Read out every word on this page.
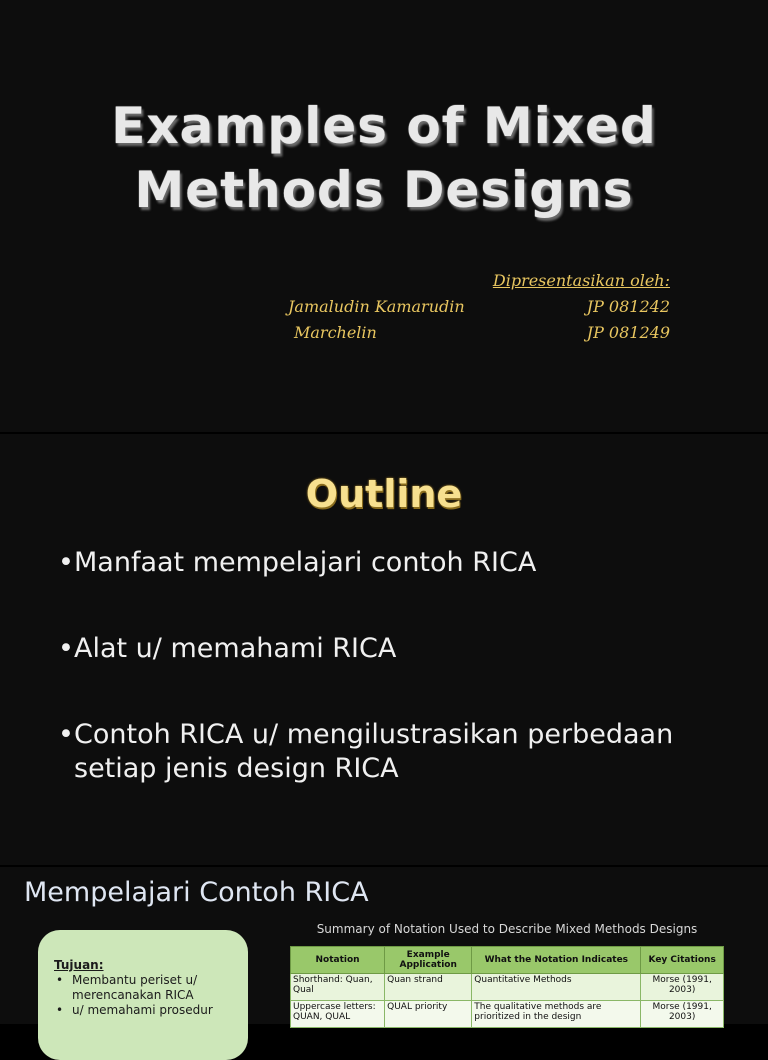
Examples of Mixed
Methods Designs
Dipresentasikan oleh:
Jamaludin Kamarudin	JP 081242
Marchelin	JP 081249
Outline
• Manfaat mempelajari contoh RICA
• Alat u/ memahami RICA
• Contoh RICA u/ mengilustrasikan perbedaan setiap jenis design RICA
Mempelajari Contoh RICA
Tujuan:
• Membantu periset u/ merencanakan RICA
• u/ memahami prosedur
Summary of Notation Used to Describe Mixed Methods Designs
Notation	Example Application	What the Notation Indicates	Key Citations
Shorthand: Quan, Qual	Quan strand	Quantitative Methods	Morse (1991, 2003)
Uppercase letters: QUAN, QUAL	QUAL priority	The qualitative methods are prioritized in the design	Morse (1991, 2003)
